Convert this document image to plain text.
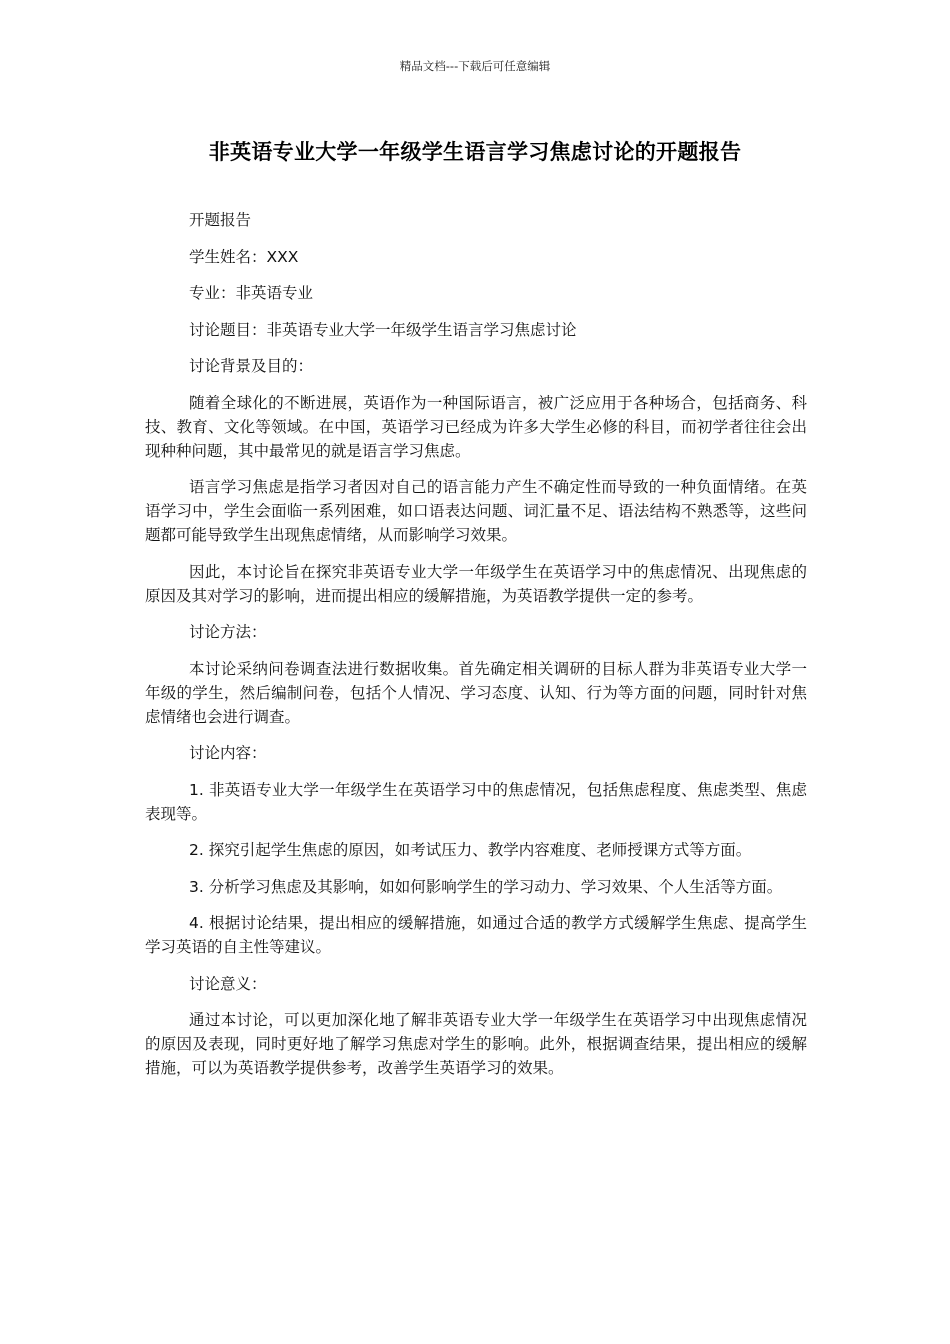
精品文档---下载后可任意编辑
非英语专业大学一年级学生语言学习焦虑讨论的开题报告

开题报告

学生姓名：XXX

专业：非英语专业

讨论题目：非英语专业大学一年级学生语言学习焦虑讨论

讨论背景及目的：

随着全球化的不断进展，英语作为一种国际语言，被广泛应用于各种场合，包括商务、科技、教育、文化等领域。在中国，英语学习已经成为许多大学生必修的科目，而初学者往往会出现种种问题，其中最常见的就是语言学习焦虑。

语言学习焦虑是指学习者因对自己的语言能力产生不确定性而导致的一种负面情绪。在英语学习中，学生会面临一系列困难，如口语表达问题、词汇量不足、语法结构不熟悉等，这些问题都可能导致学生出现焦虑情绪，从而影响学习效果。

因此，本讨论旨在探究非英语专业大学一年级学生在英语学习中的焦虑情况、出现焦虑的原因及其对学习的影响，进而提出相应的缓解措施，为英语教学提供一定的参考。

讨论方法：

本讨论采纳问卷调查法进行数据收集。首先确定相关调研的目标人群为非英语专业大学一年级的学生，然后编制问卷，包括个人情况、学习态度、认知、行为等方面的问题，同时针对焦虑情绪也会进行调查。

讨论内容：

1. 非英语专业大学一年级学生在英语学习中的焦虑情况，包括焦虑程度、焦虑类型、焦虑表现等。

2. 探究引起学生焦虑的原因，如考试压力、教学内容难度、老师授课方式等方面。

3. 分析学习焦虑及其影响，如如何影响学生的学习动力、学习效果、个人生活等方面。

4. 根据讨论结果，提出相应的缓解措施，如通过合适的教学方式缓解学生焦虑、提高学生学习英语的自主性等建议。

讨论意义：

通过本讨论，可以更加深化地了解非英语专业大学一年级学生在英语学习中出现焦虑情况的原因及表现，同时更好地了解学习焦虑对学生的影响。此外，根据调查结果，提出相应的缓解措施，可以为英语教学提供参考，改善学生英语学习的效果。
